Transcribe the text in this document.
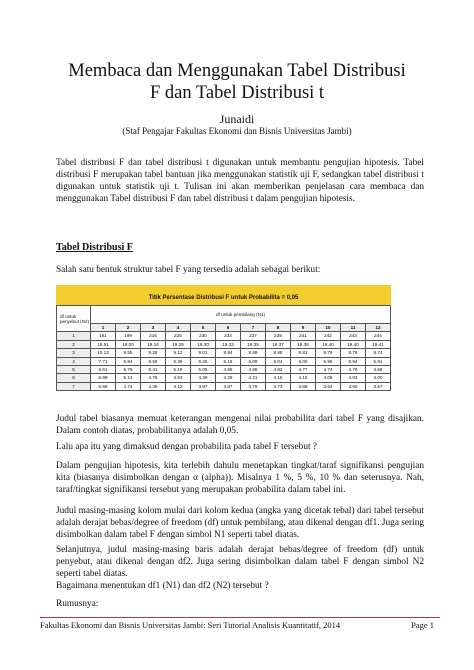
Membaca dan Menggunakan Tabel Distribusi
F dan Tabel Distribusi t
Junaidi
(Staf Pengajar Fakultas Ekonomi dan Bisnis Universitas Jambi)

Tabel distribusi F dan tabel distribusi t digunakan untuk membantu pengujian hipotesis. Tabel distribusi F merupakan tabel bantuan jika menggunakan statistik uji F, sedangkan tabel distribusi t digunakan untuk statistik uji t. Tulisan ini akan memberikan penjelasan cara membaca dan menggunakan Tabel distribusi F dan tabel distribusi t dalam pengujian hipotesis.

Tabel Distribusi F

Salah satu bentuk struktur tabel F yang tersedia adalah sebagai berikut:

Titik Persentase Distribusi F untuk Probabilita = 0,05
df untuk penyebut (N2)	df untuk pembilang (N1)											
	1	2	3	4	5	6	7	8	9	10	11	12
1	161	199	216	225	230	234	237	239	241	242	243	244
2	18.51	19.00	19.16	19.25	19.30	19.33	19.35	19.37	19.38	19.40	19.40	19.41
3	10.13	9.55	9.28	9.12	9.01	8.94	8.89	8.85	8.81	8.79	8.76	8.74
4	7.71	6.94	6.59	6.39	6.26	6.16	6.09	6.04	6.00	5.96	5.94	5.91
5	6.61	5.79	5.41	5.19	5.05	4.95	4.88	4.82	4.77	4.74	4.70	4.68
6	5.99	5.14	4.76	4.53	4.39	4.28	4.21	4.15	4.10	4.06	4.03	4.00
7	5.59	4.74	4.35	4.12	3.97	3.87	3.79	3.73	3.68	3.64	3.60	3.57

Judul tabel biasanya memuat keterangan mengenai nilai probabilita dari tabel F yang disajikan. Dalam contoh diatas, probabilitanya adalah 0,05.

Lalu apa itu yang dimaksud dengan probabilita pada tabel F tersebut ?

Dalam pengujian hipotesis, kita terlebih dahulu menetapkan tingkat/taraf signifikansi pengujian kita (biasanya disimbolkan dengan α (alpha)). Misalnya 1 %, 5 %, 10 % dan seterusnya. Nah, taraf/tingkat signifikansi tersebut yang merupakan probabilita dalam tabel ini.

Judul masing-masing kolom mulai dari kolom kedua (angka yang dicetak tebal) dari tabel tersebut adalah derajat bebas/degree of freedom (df) untuk pembilang, atau dikenal dengan df1. Juga sering disimbolkan dalam tabel F dengan simbol N1 seperti tabel diatas.

Selanjutnya, judul masing-masing baris adalah derajat bebas/degree of freedom (df) untuk penyebut, atau dikenal dengan df2. Juga sering disimbolkan dalam tabel F dengan simbol N2 seperti tabel diatas.

Bagaimana menentukan df1 (N1) dan df2 (N2) tersebut ?

Rumusnya:

Fakultas Ekonomi dan Bisnis Universitas Jambi: Seri Tutorial Analisis Kuantitatif, 2014	Page 1
